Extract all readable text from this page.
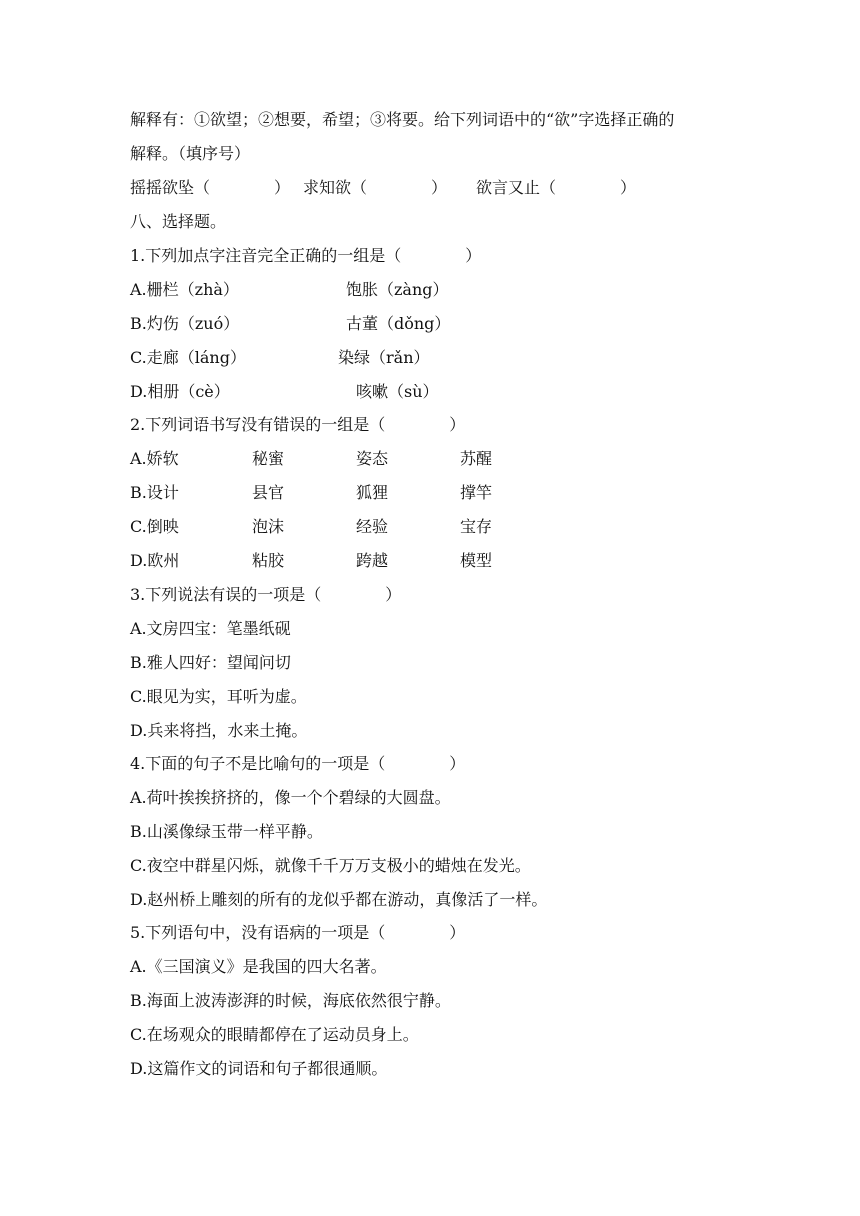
解释有：①欲望；②想要，希望；③将要。给下列词语中的“欲”字选择正确的
解释。（填序号）
摇摇欲坠（　　　　） 求知欲（　　　　） 欲言又止（　　　　）
八、选择题。
1.下列加点字注音完全正确的一组是（　　　　）
A.栅栏（zhà）	饱胀（zàng）
B.灼伤（zuó）	古董（dǒng）
C.走廊（láng）	染绿（rǎn）
D.相册（cè）	咳嗽（sù）
2.下列词语书写没有错误的一组是（　　　　）
A.娇软	秘蜜	姿态	苏醒
B.设计	县官	狐狸	撑竿
C.倒映	泡沫	经验	宝存
D.欧州	粘胶	跨越	模型
3.下列说法有误的一项是（　　　　）
A.文房四宝：笔墨纸砚
B.雅人四好：望闻问切
C.眼见为实，耳听为虚。
D.兵来将挡，水来土掩。
4.下面的句子不是比喻句的一项是（　　　　）
A.荷叶挨挨挤挤的，像一个个碧绿的大圆盘。
B.山溪像绿玉带一样平静。
C.夜空中群星闪烁，就像千千万万支极小的蜡烛在发光。
D.赵州桥上雕刻的所有的龙似乎都在游动，真像活了一样。
5.下列语句中，没有语病的一项是（　　　　）
A.《三国演义》是我国的四大名著。
B.海面上波涛澎湃的时候，海底依然很宁静。
C.在场观众的眼睛都停在了运动员身上。
D.这篇作文的词语和句子都很通顺。
